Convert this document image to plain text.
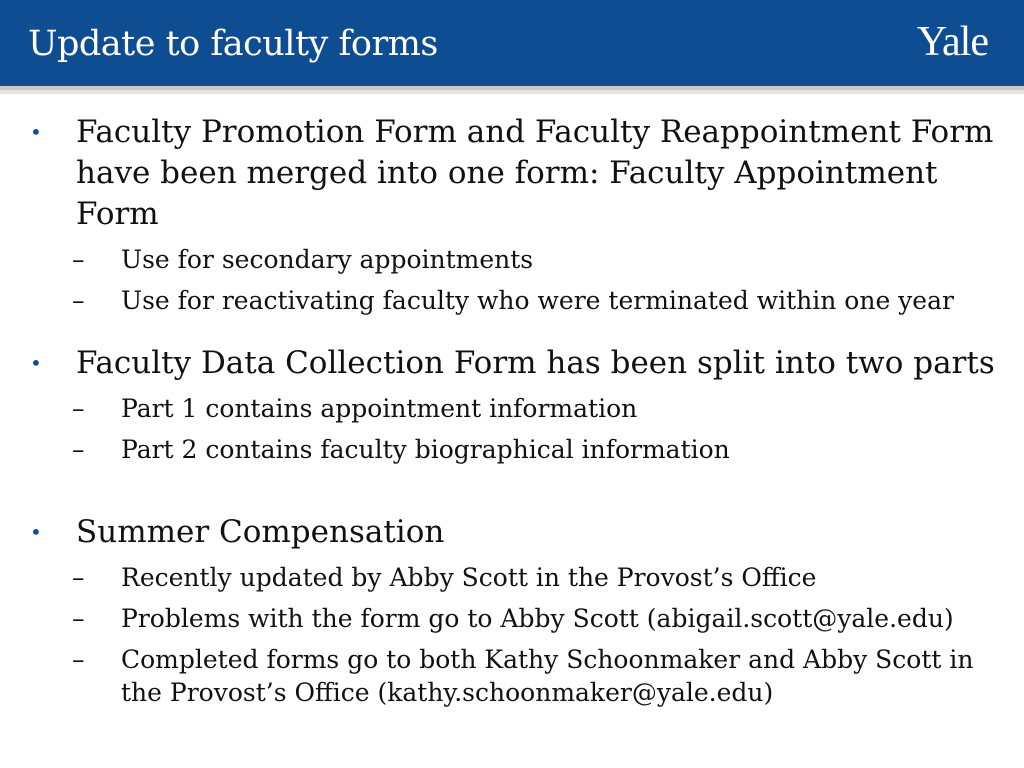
Update to faculty forms	Yale
• Faculty Promotion Form and Faculty Reappointment Form have been merged into one form: Faculty Appointment Form
–	Use for secondary appointments
–	Use for reactivating faculty who were terminated within one year
• Faculty Data Collection Form has been split into two parts
–	Part 1 contains appointment information
–	Part 2 contains faculty biographical information
• Summer Compensation
–	Recently updated by Abby Scott in the Provost’s Office
–	Problems with the form go to Abby Scott (abigail.scott@yale.edu)
–	Completed forms go to both Kathy Schoonmaker and Abby Scott in the Provost’s Office (kathy.schoonmaker@yale.edu)
